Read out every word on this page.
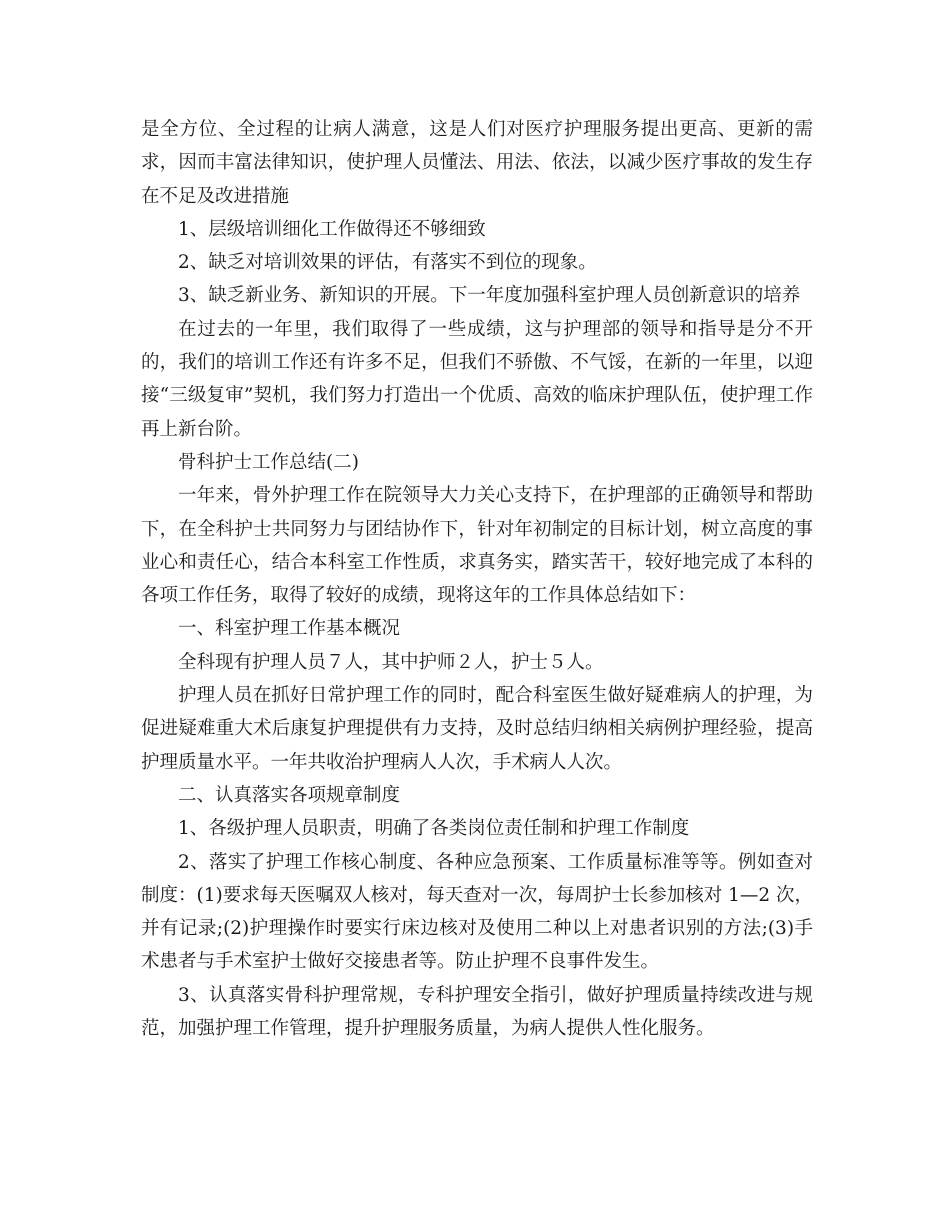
是全方位、全过程的让病人满意，这是人们对医疗护理服务提出更高、更新的需求，因而丰富法律知识，使护理人员懂法、用法、依法，以减少医疗事故的发生存在不足及改进措施

1、层级培训细化工作做得还不够细致

2、缺乏对培训效果的评估，有落实不到位的现象。

3、缺乏新业务、新知识的开展。下一年度加强科室护理人员创新意识的培养

在过去的一年里，我们取得了一些成绩，这与护理部的领导和指导是分不开的，我们的培训工作还有许多不足，但我们不骄傲、不气馁，在新的一年里，以迎接“三级复审”契机，我们努力打造出一个优质、高效的临床护理队伍，使护理工作再上新台阶。

骨科护士工作总结(二)

一年来，骨外护理工作在院领导大力关心支持下，在护理部的正确领导和帮助下，在全科护士共同努力与团结协作下，针对年初制定的目标计划，树立高度的事业心和责任心，结合本科室工作性质，求真务实，踏实苦干，较好地完成了本科的各项工作任务，取得了较好的成绩，现将这年的工作具体总结如下：

一、科室护理工作基本概况

全科现有护理人员７人，其中护师２人，护士５人。

护理人员在抓好日常护理工作的同时，配合科室医生做好疑难病人的护理，为促进疑难重大术后康复护理提供有力支持，及时总结归纳相关病例护理经验，提高护理质量水平。一年共收治护理病人人次，手术病人人次。

二、认真落实各项规章制度

1、各级护理人员职责，明确了各类岗位责任制和护理工作制度

2、落实了护理工作核心制度、各种应急预案、工作质量标准等等。例如查对制度：(1)要求每天医嘱双人核对，每天查对一次，每周护士长参加核对 1—2 次，并有记录;(2)护理操作时要实行床边核对及使用二种以上对患者识别的方法;(3)手术患者与手术室护士做好交接患者等。防止护理不良事件发生。

3、认真落实骨科护理常规，专科护理安全指引，做好护理质量持续改进与规范，加强护理工作管理，提升护理服务质量，为病人提供人性化服务。
